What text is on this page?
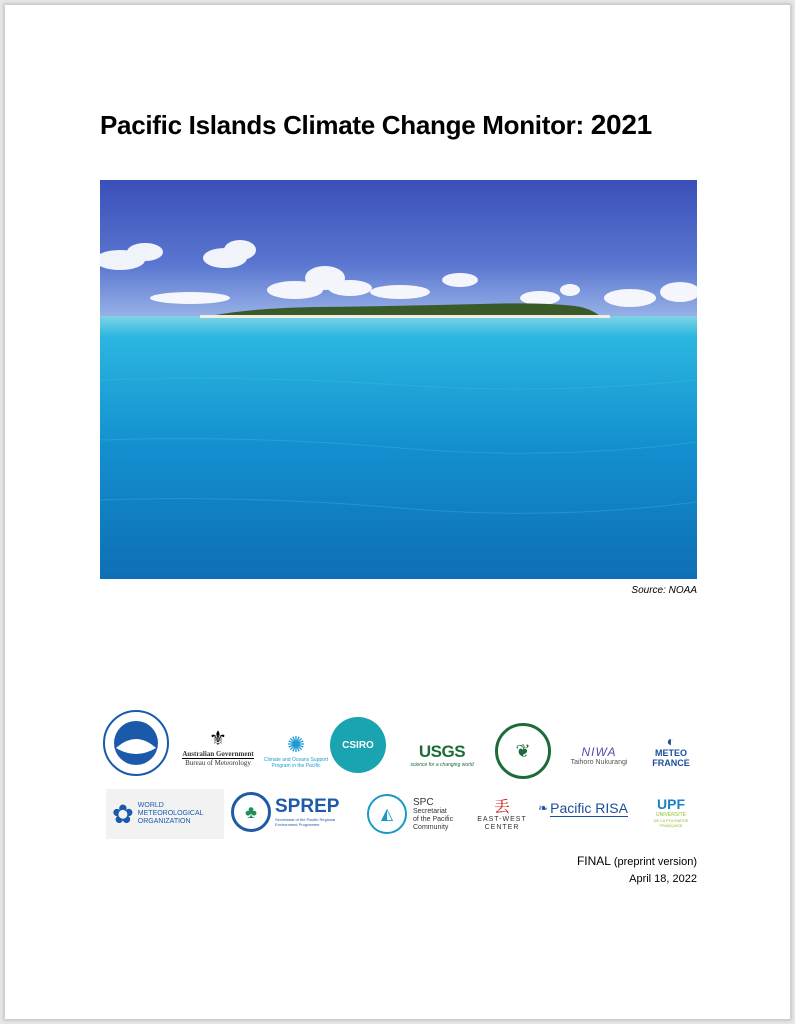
Pacific Islands Climate Change Monitor: 2021
Source: NOAA
NOAA	⚜
Australian Government
Bureau of Meteorology
✺
Climate and Oceans Support Program in the Pacific
CSIRO	USGS
science for a changing world
❦	NIWA
Taihoro Nukurangi
◐
METEO
FRANCE
✿ WORLD
METEOROLOGICAL
ORGANIZATION	♣ SPREP
Secretariat of the Pacific Regional Environment Programme
◭
SPC
Secretariat
of the Pacific
Community
丢
EAST-WEST
CENTER
❧ Pacific RISA UPF
UNIVERSITÉ
DE LA POLYNÉSIE FRANÇAISE
FINAL (preprint version)
April 18, 2022
